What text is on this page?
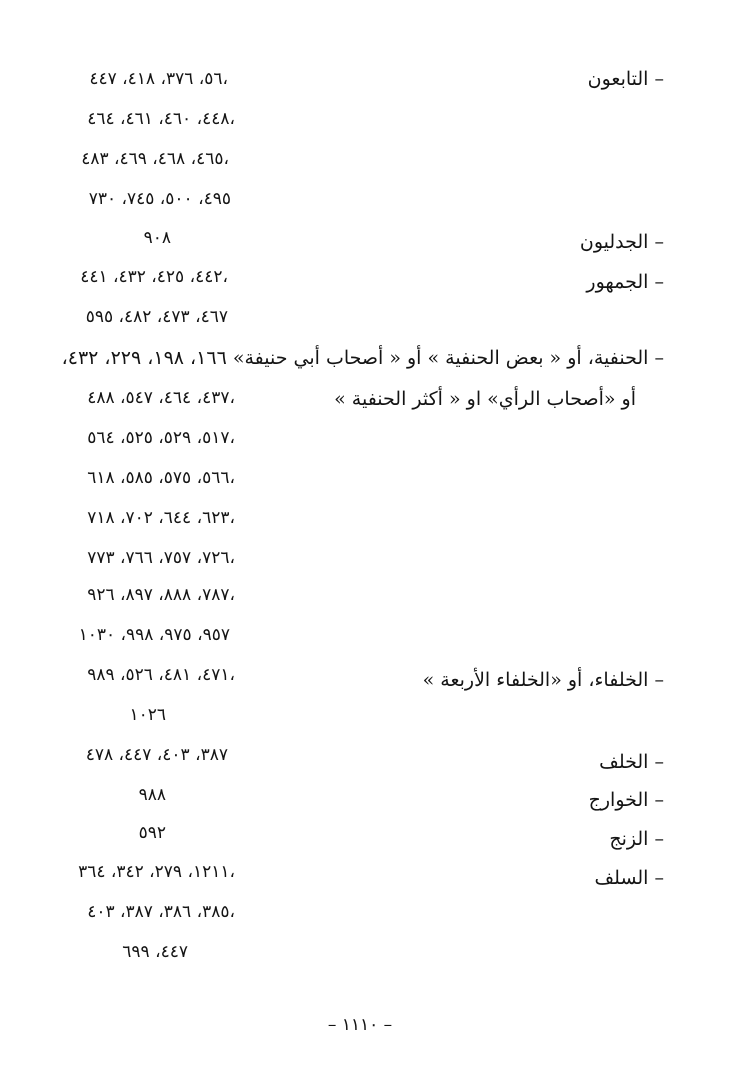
– التابعون
٥٦، ٣٧٦، ٤١٨، ٤٤٧،
٤٤٨، ٤٦٠، ٤٦١، ٤٦٤،
٤٦٥، ٤٦٨، ٤٦٩، ٤٨٣،
٤٩٥، ٥٠٠، ٧٤٥، ٧٣٠
– الجدليون
٩٠٨
– الجمهور
٤٤٢، ٤٢٥، ٤٣٢، ٤٤١،
٤٦٧، ٤٧٣، ٤٨٢، ٥٩٥
– الحنفية، أو « بعض الحنفية » أو « أصحاب أبي حنيفة» ١٦٦، ١٩٨، ٢٢٩، ٤٣٢،
أو «أصحاب الرأي» او « أكثر الحنفية »
٤٣٧، ٤٦٤، ٥٤٧، ٤٨٨،
٥١٧، ٥٢٩، ٥٢٥، ٥٦٤،
٥٦٦، ٥٧٥، ٥٨٥، ٦١٨،
٦٢٣، ٦٤٤، ٧٠٢، ٧١٨،
٧٢٦، ٧٥٧، ٧٦٦، ٧٧٣،
٧٨٧، ٨٨٨، ٨٩٧، ٩٢٦،
٩٥٧، ٩٧٥، ٩٩٨، ١٠٣٠
– الخلفاء، أو «الخلفاء الأربعة »
٤٧١، ٤٨١، ٥٢٦، ٩٨٩،
١٠٢٦
– الخلف
٣٨٧، ٤٠٣، ٤٤٧، ٤٧٨
– الخوارج
٩٨٨
– الزنج
٥٩٢
– السلف
١٢١١، ٢٧٩، ٣٤٢، ٣٦٤،
٣٨٥، ٣٨٦، ٣٨٧، ٤٠٣،
٤٤٧، ٦٩٩
– ١١١٠ –
